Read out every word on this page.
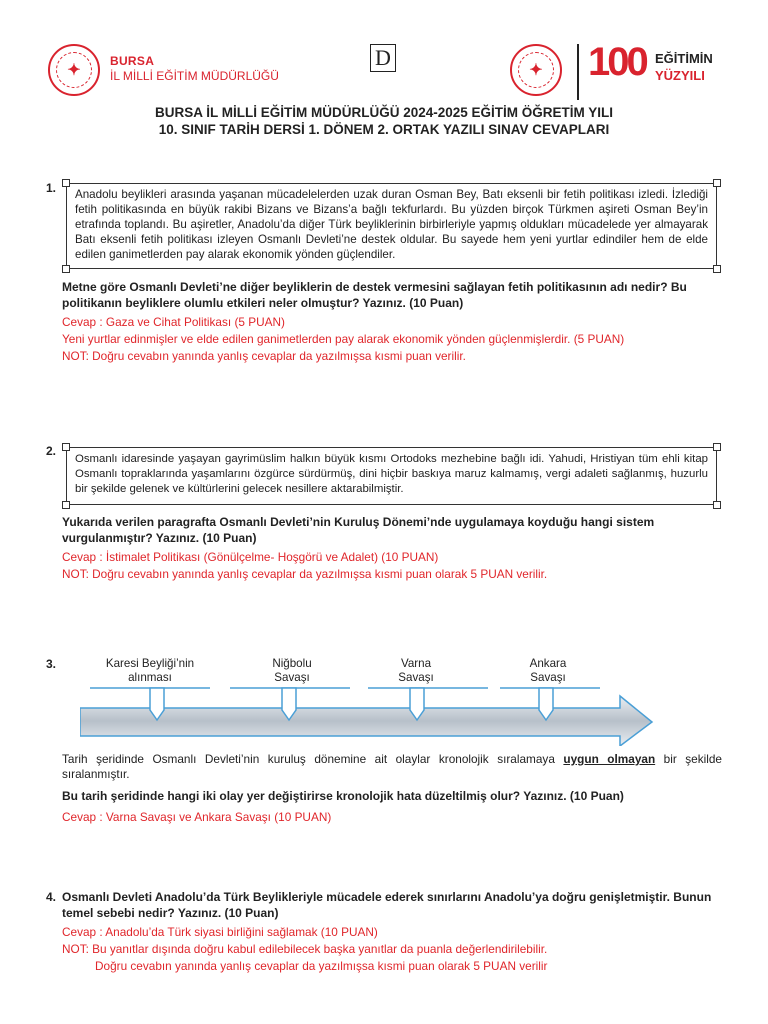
✦
BURSA
İL MİLLİ EĞİTİM MÜDÜRLÜĞÜ
D
✦ 100 EĞİTİMİN
YÜZYILI
BURSA İL MİLLİ EĞİTİM MÜDÜRLÜĞÜ 2024-2025 EĞİTİM ÖĞRETİM YILI
10. SINIF TARİH DERSİ 1. DÖNEM 2. ORTAK YAZILI SINAV CEVAPLARI
1.	Anadolu beylikleri arasında yaşanan mücadelelerden uzak duran Osman Bey, Batı eksenli bir fetih politikası izledi. İzlediği fetih politikasında en büyük rakibi Bizans ve Bizans’a bağlı tekfurlardı. Bu yüzden birçok Türkmen aşireti Osman Bey’in etrafında toplandı. Bu aşiretler, Anadolu’da diğer Türk beyliklerinin birbirleriyle yapmış oldukları mücadelede yer almayarak Batı eksenli fetih politikası izleyen Osmanlı Devleti’ne destek oldular. Bu sayede hem yeni yurtlar edindiler hem de elde edilen ganimetlerden pay alarak ekonomik yönden güçlendiler.
Metne göre Osmanlı Devleti’ne diğer beyliklerin de destek vermesini sağlayan fetih politikasının adı nedir? Bu politikanın beyliklere olumlu etkileri neler olmuştur? Yazınız. (10 Puan)
Cevap : Gaza ve Cihat Politikası (5 PUAN)
Yeni yurtlar edinmişler ve elde edilen ganimetlerden pay alarak ekonomik yönden güçlenmişlerdir. (5 PUAN)
NOT: Doğru cevabın yanında yanlış cevaplar da yazılmışsa kısmi puan verilir.
2.
Osmanlı idaresinde yaşayan gayrimüslim halkın büyük kısmı Ortodoks mezhebine bağlı idi. Yahudi, Hristiyan tüm ehli kitap Osmanlı topraklarında yaşamlarını özgürce sürdürmüş, dini hiçbir baskıya maruz kalmamış, vergi adaleti sağlanmış, huzurlu bir şekilde gelenek ve kültürlerini gelecek nesillere aktarabilmiştir.
Yukarıda verilen paragrafta Osmanlı Devleti’nin Kuruluş Dönemi’nde uygulamaya koyduğu hangi sistem vurgulanmıştır? Yazınız. (10 Puan)
Cevap : İstimalet Politikası (Gönülçelme- Hoşgörü ve Adalet) (10 PUAN)
NOT: Doğru cevabın yanında yanlış cevaplar da yazılmışsa kısmi puan olarak 5 PUAN verilir.
3.	Karesi Beyliği’nin
alınması
Niğbolu
Savaşı
Varna
Savaşı
Ankara
Savaşı
Tarih şeridinde Osmanlı Devleti’nin kuruluş dönemine ait olaylar kronolojik sıralamaya uygun olmayan bir şekilde sıralanmıştır.
Bu tarih şeridinde hangi iki olay yer değiştirirse kronolojik hata düzeltilmiş olur? Yazınız. (10 Puan)
Cevap : Varna Savaşı ve Ankara Savaşı (10 PUAN)
4. Osmanlı Devleti Anadolu’da Türk Beylikleriyle mücadele ederek sınırlarını Anadolu’ya doğru genişletmiştir. Bunun temel sebebi nedir? Yazınız. (10 Puan)
Cevap : Anadolu’da Türk siyasi birliğini sağlamak (10 PUAN)
NOT: Bu yanıtlar dışında doğru kabul edilebilecek başka yanıtlar da puanla değerlendirilebilir.
Doğru cevabın yanında yanlış cevaplar da yazılmışsa kısmi puan olarak 5 PUAN verilir
